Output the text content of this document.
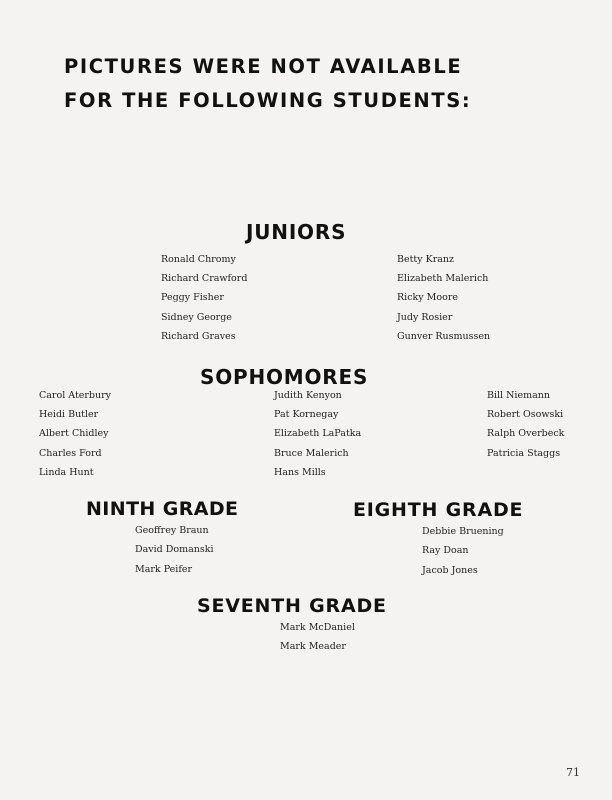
PICTURES WERE NOT AVAILABLE
FOR THE FOLLOWING STUDENTS:
JUNIORS
Ronald Chromy
Richard Crawford
Peggy Fisher
Sidney George
Richard Graves
Betty Kranz
Elizabeth Malerich
Ricky Moore
Judy Rosier
Gunver Rusmussen
SOPHOMORES
Carol Aterbury
Heidi Butler
Albert Chidley
Charles Ford
Linda Hunt
Judith Kenyon
Pat Kornegay
Elizabeth LaPatka
Bruce Malerich
Hans Mills
Bill Niemann
Robert Osowski
Ralph Overbeck
Patricia Staggs
NINTH GRADE
Geoffrey Braun
David Domanski
Mark Peifer
EIGHTH GRADE
Debbie Bruening
Ray Doan
Jacob Jones
SEVENTH GRADE
Mark McDaniel
Mark Meader
71
